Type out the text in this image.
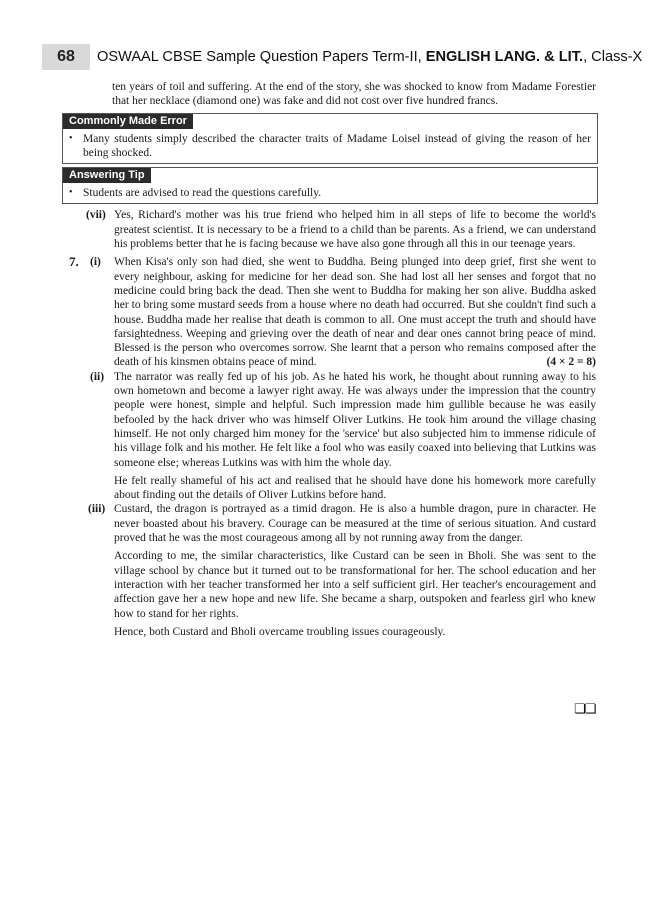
68	OSWAAL CBSE Sample Question Papers Term-II, ENGLISH LANG. & LIT., Class-X

ten years of toil and suffering. At the end of the story, she was shocked to know from Madame Forestier that her necklace (diamond one) was fake and did not cost over five hundred francs.

Commonly Made Error
• Many students simply described the character traits of Madame Loisel instead of giving the reason of her being shocked.

Answering Tip
• Students are advised to read the questions carefully.

(vii) Yes, Richard's mother was his true friend who helped him in all steps of life to become the world's greatest scientist. It is necessary to be a friend to a child than be parents. As a friend, we can understand his problems better that he is facing because we have also gone through all this in our teenage years.

7. (i) When Kisa's only son had died, she went to Buddha. Being plunged into deep grief, first she went to every neighbour, asking for medicine for her dead son. She had lost all her senses and forgot that no medicine could bring back the dead. Then she went to Buddha for making her son alive. Buddha asked her to bring some mustard seeds from a house where no death had occurred. But she couldn't find such a house. Buddha made her realise that death is common to all. One must accept the truth and should have farsightedness. Weeping and grieving over the death of near and dear ones cannot bring peace of mind. Blessed is the person who overcomes sorrow. She learnt that a person who remains composed after the death of his kinsmen obtains peace of mind.	(4 × 2 = 8)

(ii) The narrator was really fed up of his job. As he hated his work, he thought about running away to his own hometown and become a lawyer right away. He was always under the impression that the country people were honest, simple and helpful. Such impression made him gullible because he was easily befooled by the hack driver who was himself Oliver Lutkins. He took him around the village chasing himself. He not only charged him money for the 'service' but also subjected him to immense ridicule of his village folk and his mother. He felt like a fool who was easily coaxed into believing that Lutkins was someone else; whereas Lutkins was with him the whole day.

He felt really shameful of his act and realised that he should have done his homework more carefully about finding out the details of Oliver Lutkins before hand.

(iii) Custard, the dragon is portrayed as a timid dragon. He is also a humble dragon, pure in character. He never boasted about his bravery. Courage can be measured at the time of serious situation. And custard proved that he was the most courageous among all by not running away from the danger.

According to me, the similar characteristics, like Custard can be seen in Bholi. She was sent to the village school by chance but it turned out to be transformational for her. The school education and her interaction with her teacher transformed her into a self sufficient girl. Her teacher's encouragement and affection gave her a new hope and new life. She became a sharp, outspoken and fearless girl who knew how to stand for her rights.

Hence, both Custard and Bholi overcame troubling issues courageously.

❏❏
